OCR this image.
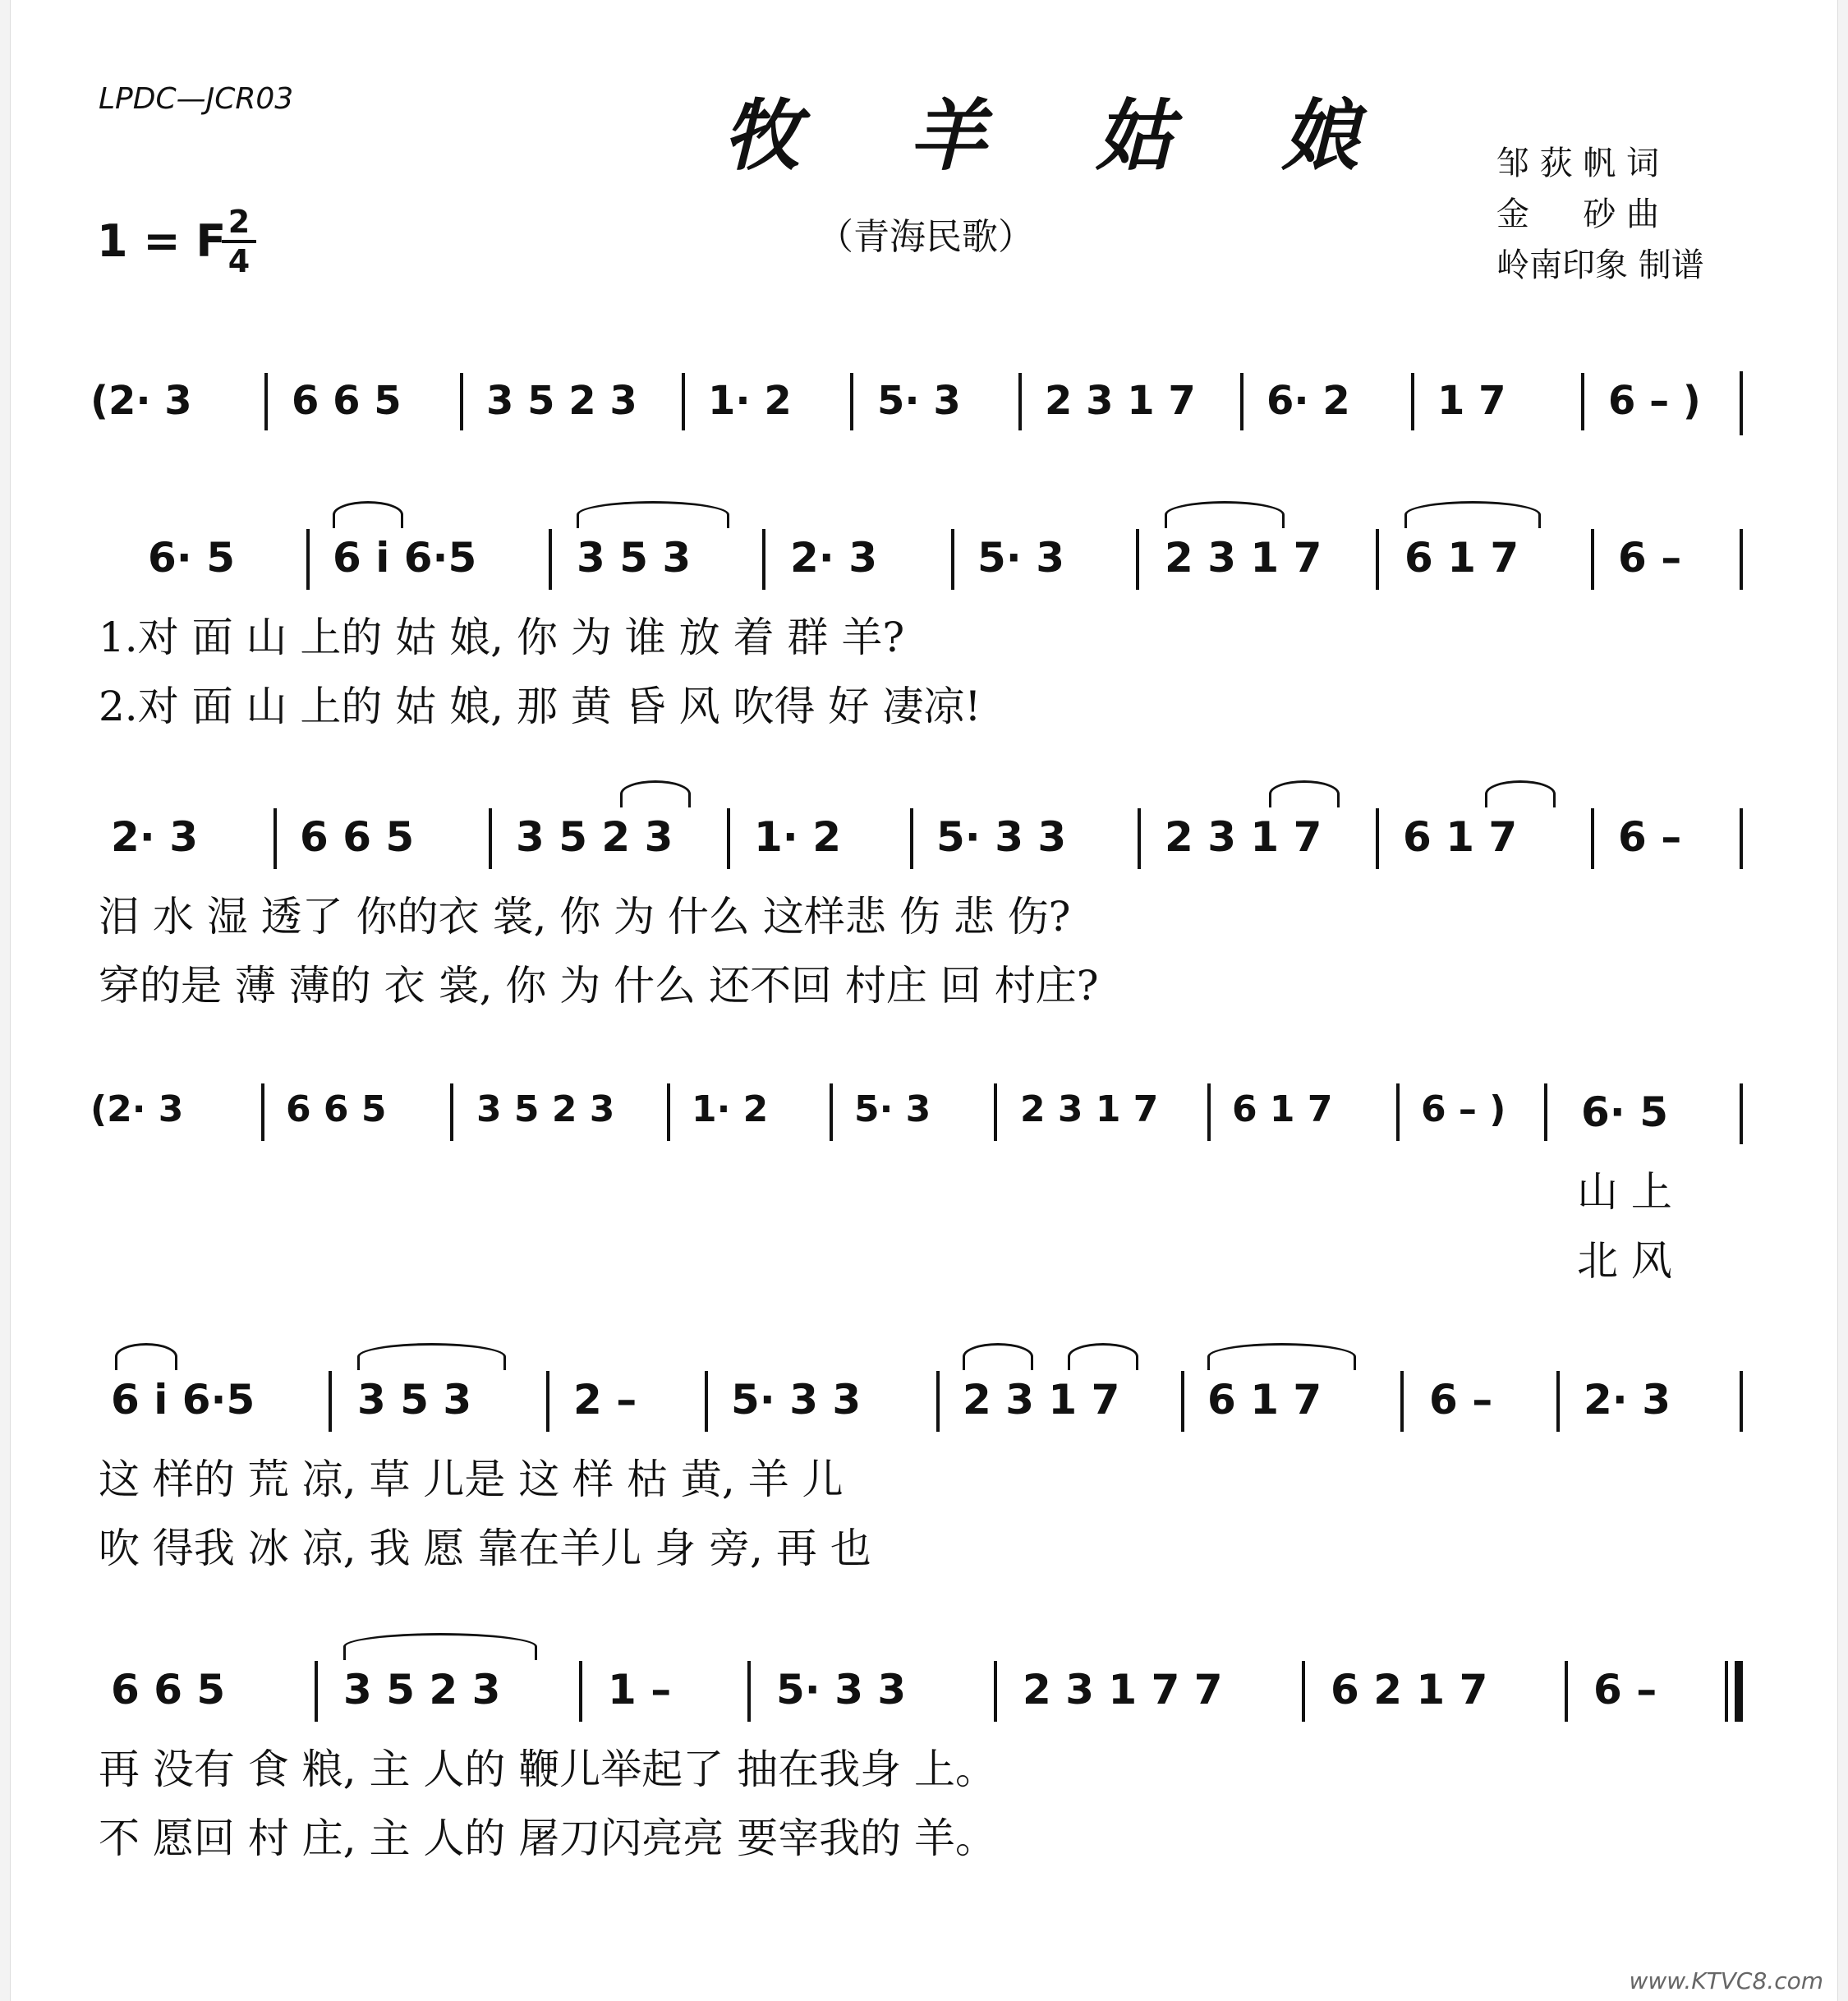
LPDC—JCR03	牧 羊 姑 娘
（青海民歌）
1 = F 2
4
邹 荻 帆 词
金 　 砂 曲
岭南印象 制谱
(2· 3	6 6 5 3 5 2 3 1· 2 5· 3 2 3 1 7 6· 2 1 7	6 – )
6· 5 6 i 6·5 3 5 3 2· 3 5· 3 2 3 1 7 6 1 7 6 –
1.对 面 山 上的 姑 娘, 你 为 谁 放 着 群 羊?
2.对 面 山 上的 姑 娘, 那 黄 昏 风 吹得 好 凄凉!
2· 3 6 6 5 3 5 2 3 1· 2 5· 3 3 2 3 1 7 6 1 7 6 –
泪 水 湿 透了 你的衣 裳, 你 为 什么 这样悲 伤 悲 伤?
穿的是 薄 薄的 衣 裳, 你 为 什么 还不回 村庄 回 村庄?
(2· 3	6 6 5 3 5 2 3 1· 2 5· 3 2 3 1 7 6 1 7 6 – ) 6· 5
山 上
北 风
6 i 6·5 3 5 3 2 – 5· 3 3 2 3 1 7 6 1 7	6 – 2· 3
这 样的 荒 凉, 草 儿是 这 样 枯 黄, 羊 儿
吹 得我 冰 凉, 我 愿 靠在羊儿 身 旁, 再 也
6 6 5	3 5 2 3	1 –	5· 3 3	2 3 1 7 7	6 2 1 7	6 –
再 没有 食 粮, 主 人的 鞭儿举起了 抽在我身 上。
不 愿回 村 庄, 主 人的 屠刀闪亮亮 要宰我的 羊。
www.KTVC8.com
